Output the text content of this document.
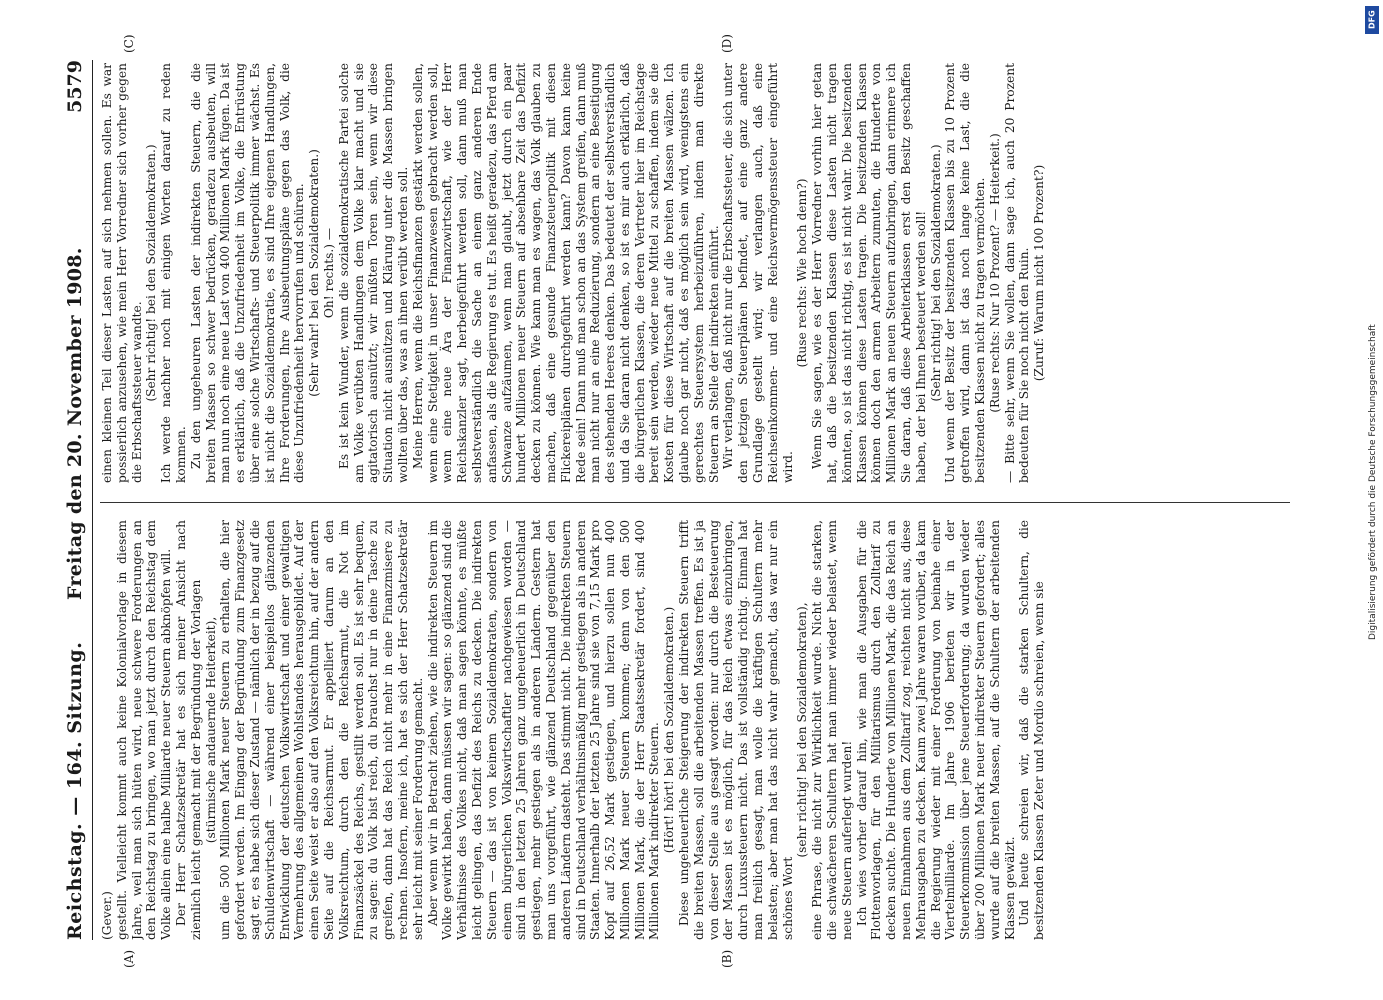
Reichstag. — 164. Sitzung.
Freitag den 20. November 1908.
5579
(A)	(B)
(C)	(D)

(Gever.) gestellt. Vielleicht kommt auch keine Kolonialvorlage in diesem Jahre, weil man sich hüten wird, neue schwere Forderungen an den Reichstag zu bringen, wo man jetzt durch den Reichstag dem Volke allein eine halbe Milliarde neuer Steuern abknöpfen will. Der Herr Schatzsekretär hat es sich meiner Ansicht nach ziemlich leicht gemacht mit der Begründung der Vorlagen (stürmische andauernde Heiterkeit), um die 500 Millionen Mark neuer Steuern zu erhalten, die hier gefordert werden. Im Eingang der Begründung zum Finanzgesetz sagt er, es habe sich dieser Zustand — nämlich der in bezug auf die Schuldenwirtschaft — während einer beispiellos glänzenden Entwicklung der deutschen Volkswirtschaft und einer gewaltigen Vermehrung des allgemeinen Wohlstandes herausgebildet. Auf der einen Seite weist er also auf den Volksreichtum hin, auf der andern Seite auf die Reichsarmut. Er appelliert darum an den Volksreichtum, durch den die Reichsarmut, die Not im Finanzsäckel des Reichs, gestillt werden soll. Es ist sehr bequem, zu sagen: du Volk bist reich, du brauchst nur in deine Tasche zu greifen, dann hat das Reich nicht mehr in eine Finanzmisere zu rechnen. Insofern, meine ich, hat es sich der Herr Schatzsekretär sehr leicht mit seiner Forderung gemacht. Aber wenn wir in Betracht ziehen, wie die indirekten Steuern im Volke gewirkt haben, dann müssen wir sagen: so glänzend sind die Verhältnisse des Volkes nicht, daß man sagen könnte, es müßte leicht gelingen, das Defizit des Reichs zu decken. Die indirekten Steuern — das ist von keinem Sozialdemokraten, sondern von einem bürgerlichen Volkswirtschaftler nachgewiesen worden — sind in den letzten 25 Jahren ganz ungeheuerlich in Deutschland gestiegen, mehr gestiegen als in anderen Ländern. Gestern hat man uns vorgeführt, wie glänzend Deutschland gegenüber den anderen Ländern dasteht. Das stimmt nicht. Die indirekten Steuern sind in Deutschland verhältnismäßig mehr gestiegen als in anderen Staaten. Innerhalb der letzten 25 Jahre sind sie von 7,15 Mark pro Kopf auf 26,52 Mark gestiegen, und hierzu sollen nun 400 Millionen Mark neuer Steuern kommen; denn von den 500 Millionen Mark, die der Herr Staatssekretär fordert, sind 400 Millionen Mark indirekter Steuern. (Hört! hört! bei den Sozialdemokraten.) Diese ungeheuerliche Steigerung der indirekten Steuern trifft die breiten Massen, soll die arbeitenden Massen treffen. Es ist ja von dieser Stelle aus gesagt worden: nur durch die Besteuerung der Massen ist es möglich, für das Reich etwas einzubringen, durch Luxussteuern nicht. Das ist vollständig richtig. Einmal hat man freilich gesagt, man wolle die kräftigen Schultern mehr belasten; aber man hat das nicht wahr gemacht, das war nur ein schönes Wort

(sehr richtig! bei den Sozialdemokraten), eine Phrase, die nicht zur Wirklichkeit wurde. Nicht die starken, die schwächeren Schultern hat man immer wieder belastet, wenn neue Steuern auferlegt wurden! Ich wies vorher darauf hin, wie man die Ausgaben für die Flottenvorlagen, für den Militarismus durch den Zolltarif zu decken suchte. Die Hunderte von Millionen Mark, die das Reich an neuen Einnahmen aus dem Zolltarif zog, reichten nicht aus, diese Mehrausgaben zu decken. Kaum zwei Jahre waren vorüber, da kam die Regierung wieder mit einer Forderung von beinahe einer Viertelmilliarde. Im Jahre 1906 berieten wir in der Steuerkommission über jene Steuerforderung; da wurden wieder über 200 Millionen Mark neuer indirekter Steuern gefordert; alles wurde auf die breiten Massen, auf die Schultern der arbeitenden Klassen gewälzt. Und heute schreien wir, daß die starken Schultern, die besitzenden Klassen Zeter und Mordio schreien, wenn sie

einen kleinen Teil dieser Lasten auf sich nehmen sollen. Es war possierlich anzusehen, wie mein Herr Vorredner sich vorher gegen die Erbschaftssteuer wandte. (Sehr richtig! bei den Sozialdemokraten.) Ich werde nachher noch mit einigen Worten darauf zu reden kommen. Zu den ungeheuren Lasten der indirekten Steuern, die die breiten Massen so schwer bedrücken, geradezu ausbeuten, will man nun noch eine neue Last von 400 Millionen Mark fügen. Da ist es erklärlich, daß die Unzufriedenheit im Volke, die Entrüstung über eine solche Wirtschafts- und Steuerpolitik immer wächst. Es ist nicht die Sozialdemokratie, es sind Ihre eigenen Handlungen, Ihre Forderungen, Ihre Ausbeutungspläne gegen das Volk, die diese Unzufriedenheit hervorrufen und schüren. (Sehr wahr! bei den Sozialdemokraten.) Oh! rechts.) — Es ist kein Wunder, wenn die sozialdemokratische Partei solche am Volke verübten Handlungen dem Volke klar macht und sie agitatorisch ausnützt; wir müßten Toren sein, wenn wir diese Situation nicht ausnützen und Klärung unter die Massen bringen wollten über das, was an ihnen verübt werden soll. Meine Herren, wenn die Reichsfinanzen gestärkt werden sollen, wenn eine Stetigkeit in unser Finanzwesen gebracht werden soll, wenn eine neue Ära der Finanzwirtschaft, wie der Herr Reichskanzler sagt, herbeigeführt werden soll, dann muß man selbstverständlich die Sache an einem ganz anderen Ende anfassen, als die Regierung es tut. Es heißt geradezu, das Pferd am Schwanze aufzäumen, wenn man glaubt, jetzt durch ein paar hundert Millionen neuer Steuern auf absehbare Zeit das Defizit decken zu können. Wie kann man es wagen, das Volk glauben zu machen, daß eine gesunde Finanzsteuerpolitik mit diesen Flickereiplänen durchgeführt werden kann? Davon kann keine Rede sein! Dann muß man schon an das System greifen, dann muß man nicht nur an eine Reduzierung, sondern an eine Beseitigung des stehenden Heeres denken. Das bedeutet der selbstverständlich und da Sie daran nicht denken, so ist es mir auch erklärlich, daß die bürgerlichen Klassen, die deren Vertreter hier im Reichstage bereit sein werden, wieder neue Mittel zu schaffen, indem sie die Kosten für diese Wirtschaft auf die breiten Massen wälzen. Ich glaube noch gar nicht, daß es möglich sein wird, wenigstens ein gerechtes Steuersystem herbeizuführen, indem man direkte Steuern an Stelle der indirekten einführt. Wir verlangen, daß nicht nur die Erbschaftssteuer, die sich unter den jetzigen Steuerplänen befindet, auf eine ganz andere Grundlage gestellt wird; wir verlangen auch, daß eine Reichseinkommen- und eine Reichsvermögenssteuer eingeführt wird.

(Ruse rechts: Wie hoch denn?) Wenn Sie sagen, wie es der Herr Vorredner vorhin hier getan hat, daß die besitzenden Klassen diese Lasten nicht tragen könnten, so ist das nicht richtig, es ist nicht wahr. Die besitzenden Klassen können diese Lasten tragen. Die besitzenden Klassen können doch den armen Arbeitern zumuten, die Hunderte von Millionen Mark an neuen Steuern aufzubringen, dann erinnere ich Sie daran, daß diese Arbeiterklassen erst den Besitz geschaffen haben, der bei Ihnen besteuert werden soll! (Sehr richtig! bei den Sozialdemokraten.) Und wenn der Besitz der besitzenden Klassen bis zu 10 Prozent getroffen wird, dann ist das noch lange keine Last, die die besitzenden Klassen nicht zu tragen vermöchten. (Ruse rechts: Nur 10 Prozent? — Heiterkeit.) — Bitte sehr, wenn Sie wollen, dann sage ich, auch 20 Prozent bedeuten für Sie noch nicht den Ruin. (Zuruf: Warum nicht 100 Prozent?)

DFG
Digitalisierung gefördert durch die Deutsche Forschungsgemeinschaft
